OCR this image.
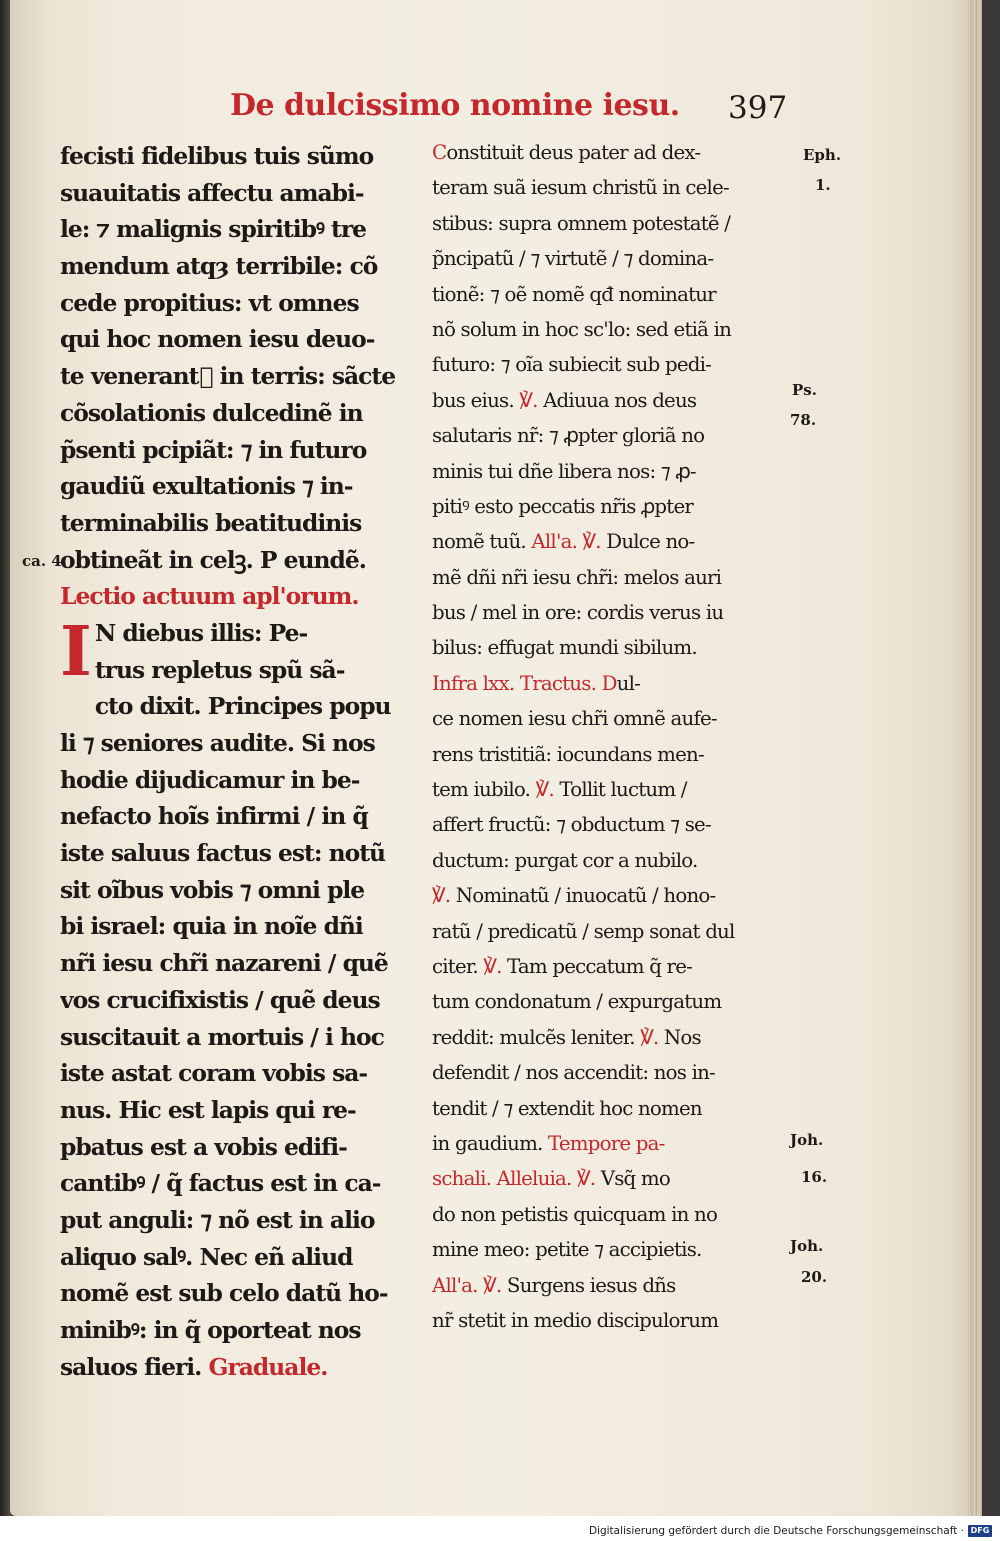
De dulcissimo nomine iesu. 397
fecisti fidelibus tuis sũmo
suauitatis affectu amabi-
le: ⁊ malignis spiritibꝰ tre
mendum atqȝ terribile: cõ
cede propitius: vt omnes
qui hoc nomen iesu deuo-
te venerantᷓ in terris: sãcte
cõsolationis dulcedinẽ in
p̃senti pcipiãt: ⁊ in futuro
gaudiũ exultationis ⁊ in-
terminabilis beatitudinis
obtineãt in celꝫ. P eundẽ.
Lectio actuum apl'orum.
I N diebus illis: Pe-
trus repletus spũ sã-
cto dixit. Principes popu
li ⁊ seniores audite. Si nos
hodie dijudicamur in be-
nefacto hoĩs infirmi / in q̃
iste saluus factus est: notũ
sit oĩbus vobis ⁊ omni ple
bi israel: quia in noĩe dñi
nr̃i iesu chr̃i nazareni / quẽ
vos crucifixistis / quẽ deus
suscitauit a mortuis / i hoc
iste astat coram vobis sa-
nus. Hic est lapis qui re-
pbatus est a vobis edifi-
cantibꝰ / q̃ factus est in ca-
put anguli: ⁊ nõ est in alio
aliquo salꝰ. Nec eñ aliud
nomẽ est sub celo datũ ho-
minibꝰ: in q̃ oporteat nos
saluos fieri. Graduale.
Constituit deus pater ad dex-
teram suã iesum christũ in cele-
stibus: supra omnem potestatẽ /
p̃ncipatũ / ⁊ virtutẽ / ⁊ domina-
tionẽ: ⁊ oẽ nomẽ qđ nominatur
nõ solum in hoc sc'lo: sed etiã in
futuro: ⁊ oĩa subiecit sub pedi-
bus eius. ℣. Adiuua nos deus
salutaris nr̃: ⁊ ꝓpter gloriã no
minis tui dñe libera nos: ⁊ ꝓ-
pitiꝰ esto peccatis nr̃is ꝓpter
nomẽ tuũ. All'a. ℣. Dulce no-
mẽ dñi nr̃i iesu chr̃i: melos auri
bus / mel in ore: cordis verus iu
bilus: effugat mundi sibilum.
Infra lxx. Tractus. Dul-
ce nomen iesu chr̃i omnẽ aufe-
rens tristitiã: iocundans men-
tem iubilo. ℣. Tollit luctum /
affert fructũ: ⁊ obductum ⁊ se-
ductum: purgat cor a nubilo.
℣. Nominatũ / inuocatũ / hono-
ratũ / predicatũ / semp sonat dul
citer. ℣. Tam peccatum q̃ re-
tum condonatum / expurgatum
reddit: mulcẽs leniter. ℣. Nos
defendit / nos accendit: nos in-
tendit / ⁊ extendit hoc nomen
in gaudium. Tempore pa-
schali. Alleluia. ℣. Vsq̃ mo
do non petistis quicquam in no
mine meo: petite ⁊ accipietis.
All'a. ℣. Surgens iesus dñs
nr̃ stetit in medio discipulorum
ca. 4.
Eph.
1.
Ps.
78.
Joh.
16.
Joh.
20.
Digitalisierung gefördert durch die Deutsche Forschungsgemeinschaft · DFG
